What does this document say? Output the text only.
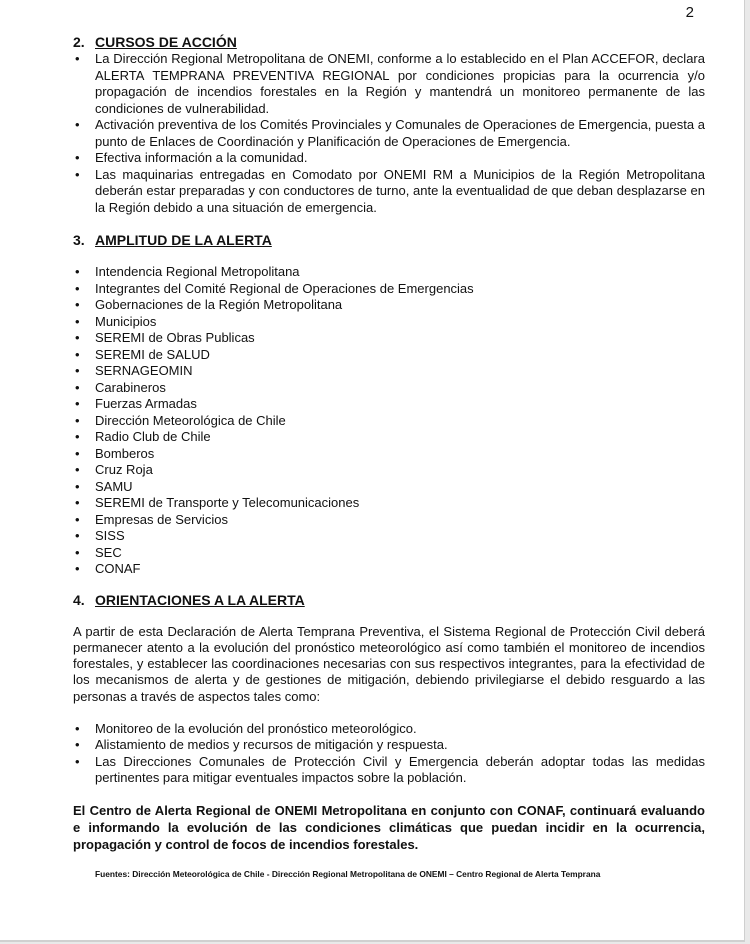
2
2. CURSOS DE ACCIÓN
• La Dirección Regional Metropolitana de ONEMI, conforme a lo establecido en el Plan ACCEFOR, declara ALERTA TEMPRANA PREVENTIVA REGIONAL por condiciones propicias para la ocurrencia y/o propagación de incendios forestales en la Región y mantendrá un monitoreo permanente de las condiciones de vulnerabilidad.
• Activación preventiva de los Comités Provinciales y Comunales de Operaciones de Emergencia, puesta a punto de Enlaces de Coordinación y Planificación de Operaciones de Emergencia.
• Efectiva información a la comunidad.
• Las maquinarias entregadas en Comodato por ONEMI RM a Municipios de la Región Metropolitana deberán estar preparadas y con conductores de turno, ante la eventualidad de que deban desplazarse en la Región debido a una situación de emergencia.
3. AMPLITUD DE LA ALERTA
• Intendencia Regional Metropolitana
• Integrantes del Comité Regional de Operaciones de Emergencias
• Gobernaciones de la Región Metropolitana
• Municipios
• SEREMI de Obras Publicas
• SEREMI de SALUD
• SERNAGEOMIN
• Carabineros
• Fuerzas Armadas
• Dirección Meteorológica de Chile
• Radio Club de Chile
• Bomberos
• Cruz Roja
• SAMU
• SEREMI de Transporte y Telecomunicaciones
• Empresas de Servicios
• SISS
• SEC
• CONAF
4. ORIENTACIONES A LA ALERTA

A partir de esta Declaración de Alerta Temprana Preventiva, el Sistema Regional de Protección Civil deberá permanecer atento a la evolución del pronóstico meteorológico así como también el monitoreo de incendios forestales, y establecer las coordinaciones necesarias con sus respectivos integrantes, para la efectividad de los mecanismos de alerta y de gestiones de mitigación, debiendo privilegiarse el debido resguardo a las personas a través de aspectos tales como:

• Monitoreo de la evolución del pronóstico meteorológico.
• Alistamiento de medios y recursos de mitigación y respuesta.
• Las Direcciones Comunales de Protección Civil y Emergencia deberán adoptar todas las medidas pertinentes para mitigar eventuales impactos sobre la población.

El Centro de Alerta Regional de ONEMI Metropolitana en conjunto con CONAF, continuará evaluando e informando la evolución de las condiciones climáticas que puedan incidir en la ocurrencia, propagación y control de focos de incendios forestales.

Fuentes: Dirección Meteorológica de Chile - Dirección Regional Metropolitana de ONEMI – Centro Regional de Alerta Temprana
